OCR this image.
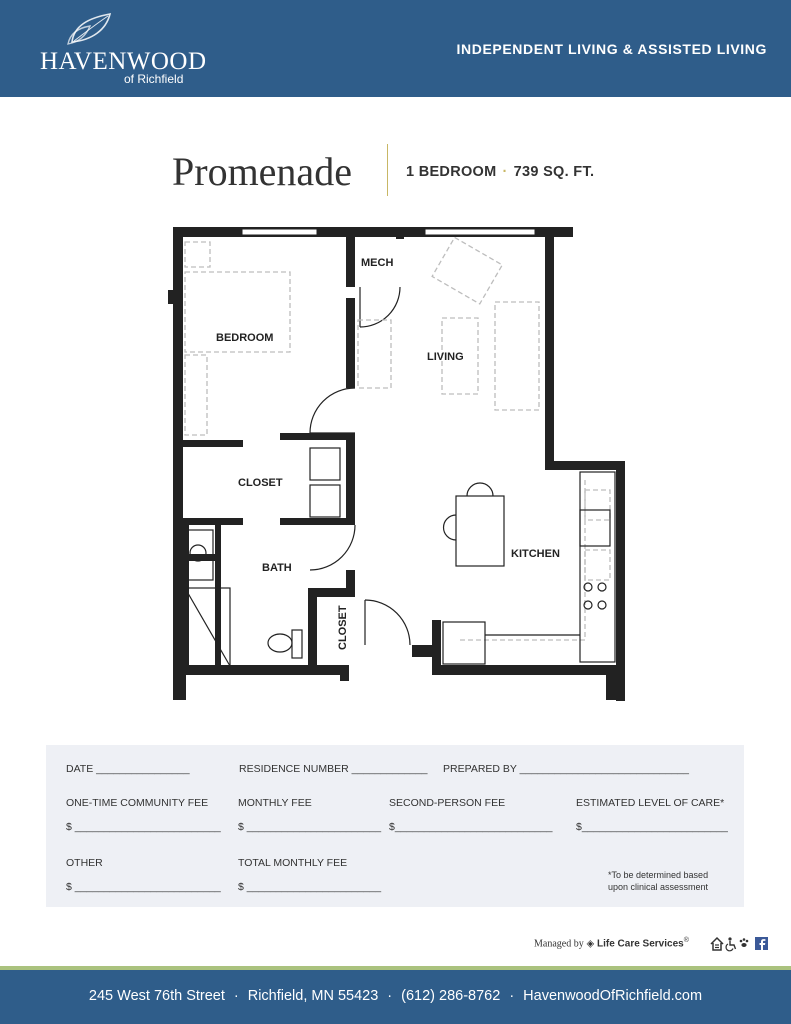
HAVENWOOD
of Richfield
INDEPENDENT LIVING & ASSISTED LIVING
Promenade	1 BEDROOM · 739 SQ. FT.
MECH
BEDROOM
LIVING
CLOSET
BATH
CLOSET
KITCHEN
DATE ________________	RESIDENCE NUMBER _____________ PREPARED BY _____________________________
ONE-TIME COMMUNITY FEE
$ _________________________
MONTHLY FEE
$ _______________________
SECOND-PERSON FEE
$___________________________
ESTIMATED LEVEL OF CARE*
$_________________________
OTHER
$ _________________________
TOTAL MONTHLY FEE
$ _______________________
*To be determined based
upon clinical assessment
Managed by ◈ Life Care Services®
245 West 76th Street · Richfield, MN 55423 · (612) 286-8762 · HavenwoodOfRichfield.com
